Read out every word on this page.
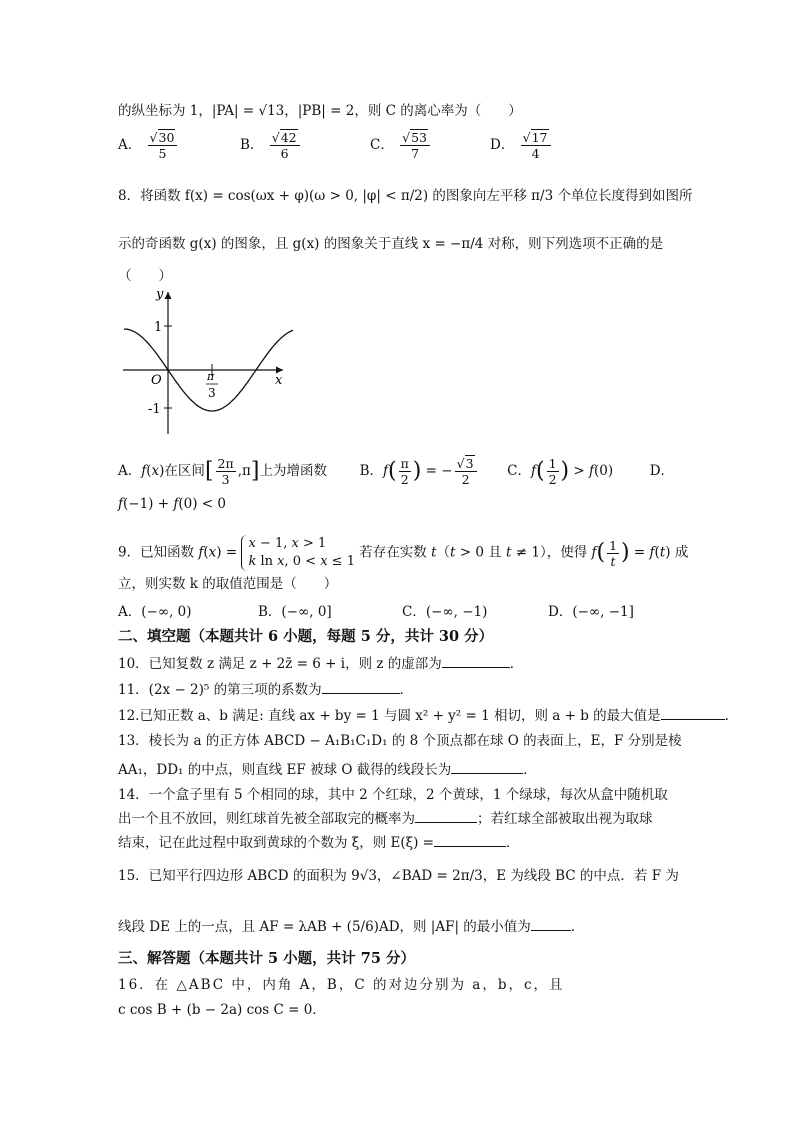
的纵坐标为 1，|PA| = √13，|PB| = 2，则 C 的离心率为（　　）
A． $\frac{√30}{5}$	B． $\frac{√42}{6}$	C． $\frac{√53}{7}$	D． $\frac{√17}{4}$
8．将函数 f(x) = cos(ωx + φ)(ω > 0, |φ| < π/2) 的图象向左平移 π/3 个单位长度得到如图所
示的奇函数 g(x) 的图象，且 g(x) 的图象关于直线 x = −π/4 对称，则下列选项不正确的是
（　　）
y
x
O
1
-1
π
3
π/3
A．f(x)在区间[ $\frac{2\pi}{3} ,\pi$]上为增函数  B．$f( \frac{\pi}{2}$ ) = − $\frac{√3}{2}$ C．$f( \frac{1}{2}$ ) > f(0)  D．
f(−1) + f(0) < 0
9．已知函数 f(x) =
x − 1, x > 1
k ln x, 0 < x ≤ 1
若存在实数 t（t > 0 且 t ≠ 1），使得 $f( \frac{1}{t}$ ) = f(t) 成
立，则实数 k 的取值范围是（　　）
A．(−∞, 0)	B．(−∞, 0]	C．(−∞, −1)	D．(−∞, −1]
二、填空题（本题共计 6 小题，每题 5 分，共计 30 分）
10．已知复数 z 满足 z + 2z̄ = 6 + i，则 z 的虚部为	．
11．(2x − 2)⁵ 的第三项的系数为	．
12.已知正数 a、b 满足: 直线 ax + by = 1 与圆 x² + y² = 1 相切，则 a + b 的最大值是	.
13．棱长为 a 的正方体 ABCD − A₁B₁C₁D₁ 的 8 个顶点都在球 O 的表面上，E，F 分别是棱
AA₁，DD₁ 的中点，则直线 EF 被球 O 截得的线段长为	．
14．一个盒子里有 5 个相同的球，其中 2 个红球，2 个黄球，1 个绿球，每次从盒中随机取
出一个且不放回，则红球首先被全部取完的概率为	；若红球全部被取出视为取球
结束，记在此过程中取到黄球的个数为 ξ，则 E(ξ) =	．
15．已知平行四边形 ABCD 的面积为 9√3，∠BAD = 2π/3，E 为线段 BC 的中点．若 F 为
线段 DE 上的一点，且 AF = λAB + (5/6)AD，则 |AF| 的最小值为	．
三、解答题（本题共计 5 小题，共计 75 分）
16．在 △ABC 中，内角 A，B，C 的对边分别为 a，b，c，且
c cos B + (b − 2a) cos C = 0．
